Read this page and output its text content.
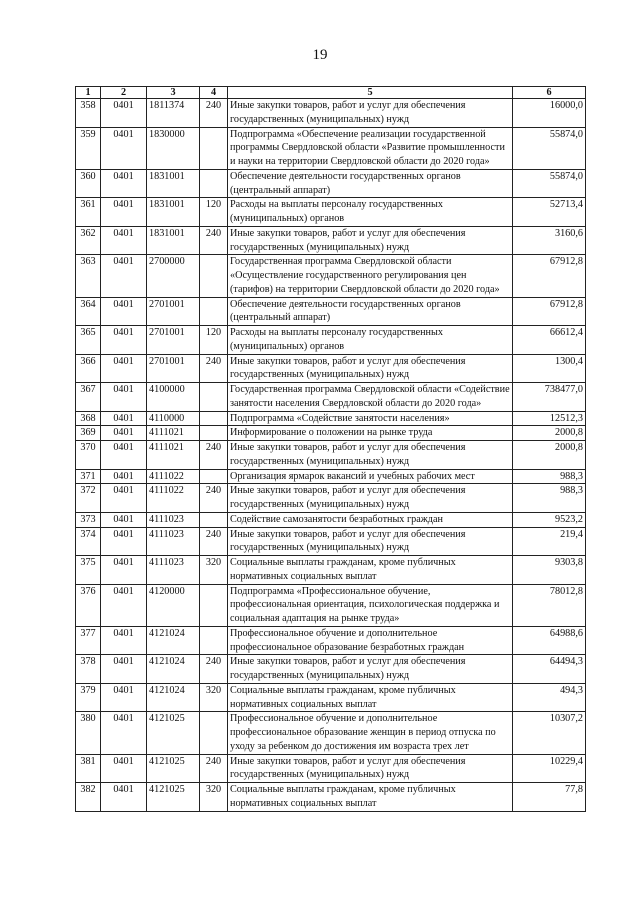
19
1	2	3	4	5	6
358	0401	1811374	240	Иные закупки товаров, работ и услуг для обеспечения государственных (муниципальных) нужд	16000,0
359	0401	1830000		Подпрограмма «Обеспечение реализации государственной программы Свердловской области «Развитие промышленности и науки на территории Свердловской области до 2020 года»	55874,0
360	0401	1831001		Обеспечение деятельности государственных органов (центральный аппарат)	55874,0
361	0401	1831001	120	Расходы на выплаты персоналу государственных (муниципальных) органов	52713,4
362	0401	1831001	240	Иные закупки товаров, работ и услуг для обеспечения государственных (муниципальных) нужд	3160,6
363	0401	2700000		Государственная программа Свердловской области «Осуществление государственного регулирования цен (тарифов) на территории Свердловской области до 2020 года»	67912,8
364	0401	2701001		Обеспечение деятельности государственных органов (центральный аппарат)	67912,8
365	0401	2701001	120	Расходы на выплаты персоналу государственных (муниципальных) органов	66612,4
366	0401	2701001	240	Иные закупки товаров, работ и услуг для обеспечения государственных (муниципальных) нужд	1300,4
367	0401	4100000		Государственная программа Свердловской области «Содействие занятости населения Свердловской области до 2020 года»	738477,0
368	0401	4110000		Подпрограмма «Содействие занятости населения»	12512,3
369	0401	4111021		Информирование о положении на рынке труда	2000,8
370	0401	4111021	240	Иные закупки товаров, работ и услуг для обеспечения государственных (муниципальных) нужд	2000,8
371	0401	4111022		Организация ярмарок вакансий и учебных рабочих мест	988,3
372	0401	4111022	240	Иные закупки товаров, работ и услуг для обеспечения государственных (муниципальных) нужд	988,3
373	0401	4111023		Содействие самозанятости безработных граждан	9523,2
374	0401	4111023	240	Иные закупки товаров, работ и услуг для обеспечения государственных (муниципальных) нужд	219,4
375	0401	4111023	320	Социальные выплаты гражданам, кроме публичных нормативных социальных выплат	9303,8
376	0401	4120000		Подпрограмма «Профессиональное обучение, профессиональная ориентация, психологическая поддержка и социальная адаптация на рынке труда»	78012,8
377	0401	4121024		Профессиональное обучение и дополнительное профессиональное образование безработных граждан	64988,6
378	0401	4121024	240	Иные закупки товаров, работ и услуг для обеспечения государственных (муниципальных) нужд	64494,3
379	0401	4121024	320	Социальные выплаты гражданам, кроме публичных нормативных социальных выплат	494,3
380	0401	4121025		Профессиональное обучение и дополнительное профессиональное образование женщин в период отпуска по уходу за ребенком до достижения им возраста трех лет	10307,2
381	0401	4121025	240	Иные закупки товаров, работ и услуг для обеспечения государственных (муниципальных) нужд	10229,4
382	0401	4121025	320	Социальные выплаты гражданам, кроме публичных нормативных социальных выплат	77,8
